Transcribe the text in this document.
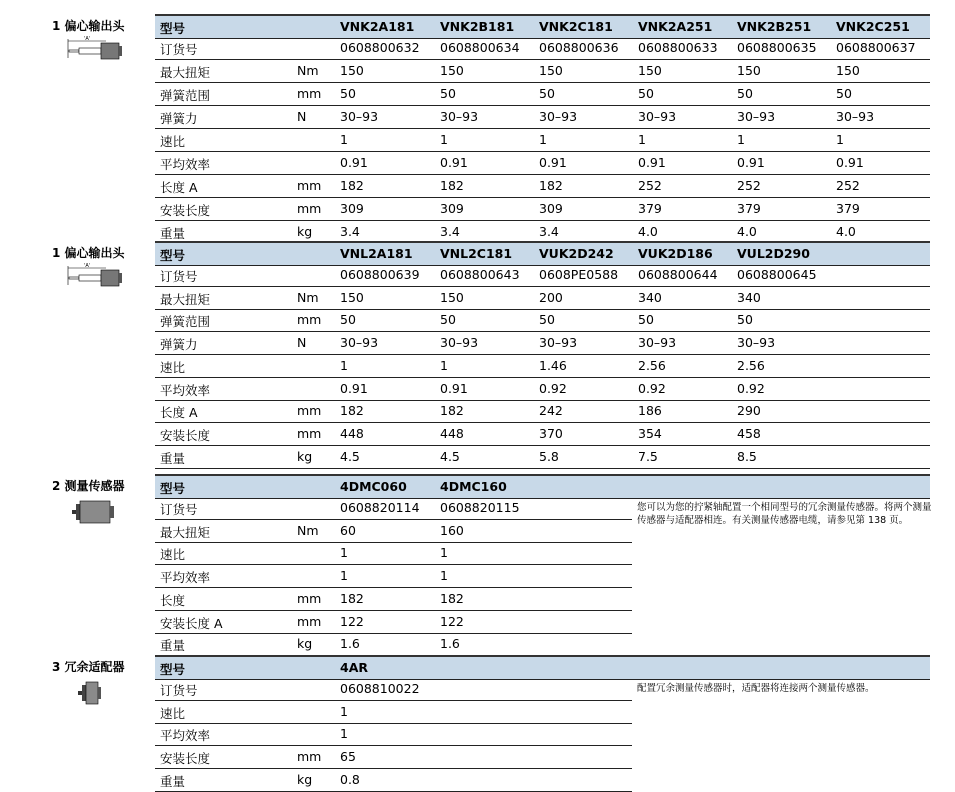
1 偏心输出头
'A'
型号	VNK2A181 VNK2B181 VNK2C181 VNK2A251 VNK2B251 VNK2C251
订货号	0608800632 0608800634 0608800636 0608800633 0608800635 0608800637
最大扭矩	Nm 150	150	150	150	150	150
弹簧范围	mm 50	50	50	50	50	50
弹簧力	N	30–93	30–93	30–93	30–93	30–93	30–93
速比	1	1	1	1	1	1
平均效率	0.91	0.91	0.91	0.91	0.91	0.91
长度 A	mm 182	182	182	252	252	252
安装长度	mm 309	309	309	379	379	379
重量	kg 3.4	3.4	3.4	4.0	4.0	4.0
1 偏心输出头
'A'
型号	VNL2A181 VNL2C181 VUK2D242 VUK2D186 VUL2D290
订货号	0608800639 0608800643 0608PE0588 0608800644 0608800645
最大扭矩	Nm 150	150	200	340	340
弹簧范围	mm 50	50	50	50	50
弹簧力	N	30–93	30–93	30–93	30–93	30–93
速比	1	1	1.46	2.56	2.56
平均效率	0.91	0.91	0.92	0.92	0.92
长度 A	mm 182	182	242	186	290
安装长度	mm 448	448	370	354	458
重量	kg 4.5	4.5	5.8	7.5	8.5
2 测量传感器	型号	4DMC060	4DMC160
订货号	0608820114 0608820115
最大扭矩	Nm 60	160
速比	1	1
平均效率	1	1
长度	mm 182	182
安装长度 A	mm 122	122
重量	kg 1.6	1.6
您可以为您的拧紧轴配置一个相同型号的冗余测量传感器。将两个测量传感器与适配器相连。有关测量传感器电缆，请参见第 138 页。
3 冗余适配器	型号	4AR
订货号	0608810022
速比	1
平均效率	1
安装长度	mm 65
重量	kg 0.8
配置冗余测量传感器时，适配器将连接两个测量传感器。
